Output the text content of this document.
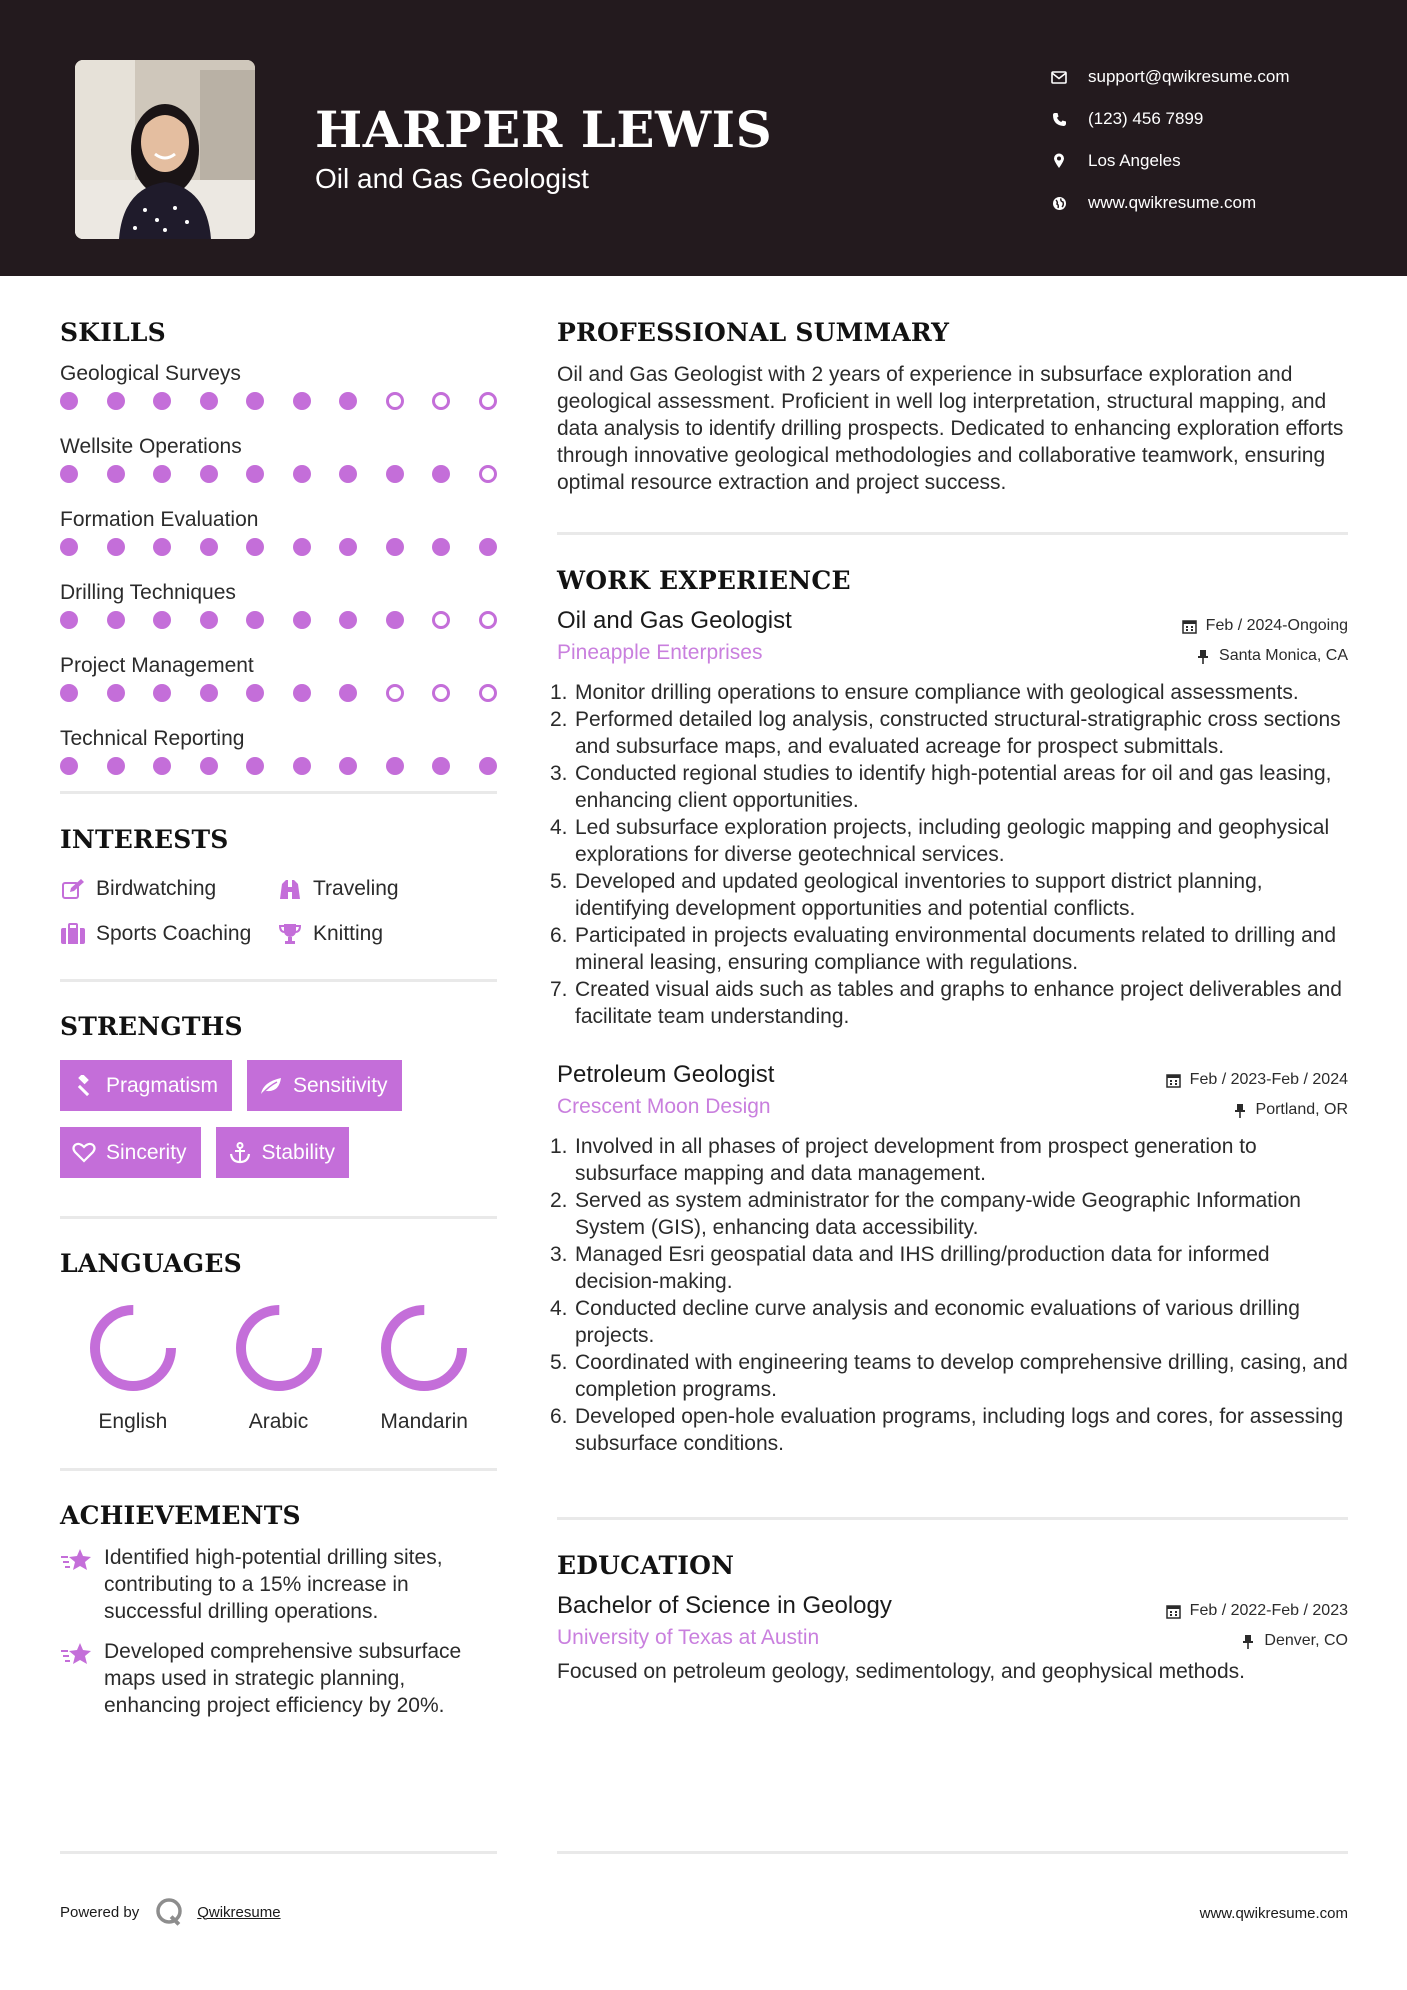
HARPER LEWIS
Oil and Gas Geologist
support@qwikresume.com
(123) 456 7899
Los Angeles
www.qwikresume.com
SKILLS
Geological Surveys
Wellsite Operations
Formation Evaluation
Drilling Techniques
Project Management
Technical Reporting
INTERESTS
Birdwatching	Traveling
Sports Coaching	Knitting
STRENGTHS
Pragmatism	Sensitivity
Sincerity	Stability
LANGUAGES
English	Arabic	Mandarin
ACHIEVEMENTS
Identified high-potential drilling sites, contributing to a 15% increase in successful drilling operations.
Developed comprehensive subsurface maps used in strategic planning, enhancing project efficiency by 20%.
PROFESSIONAL SUMMARY
Oil and Gas Geologist with 2 years of experience in subsurface exploration and geological assessment. Proficient in well log interpretation, structural mapping, and data analysis to identify drilling prospects. Dedicated to enhancing exploration efforts through innovative geological methodologies and collaborative teamwork, ensuring optimal resource extraction and project success.
WORK EXPERIENCE
Oil and Gas Geologist	Feb / 2024-Ongoing
Pineapple Enterprises	Santa Monica, CA
1. Monitor drilling operations to ensure compliance with geological assessments.
2. Performed detailed log analysis, constructed structural-stratigraphic cross sections and subsurface maps, and evaluated acreage for prospect submittals.
3. Conducted regional studies to identify high-potential areas for oil and gas leasing, enhancing client opportunities.
4. Led subsurface exploration projects, including geologic mapping and geophysical explorations for diverse geotechnical services.
5. Developed and updated geological inventories to support district planning, identifying development opportunities and potential conflicts.
6. Participated in projects evaluating environmental documents related to drilling and mineral leasing, ensuring compliance with regulations.
7. Created visual aids such as tables and graphs to enhance project deliverables and facilitate team understanding.
Petroleum Geologist	Feb / 2023-Feb / 2024
Crescent Moon Design	Portland, OR
1. Involved in all phases of project development from prospect generation to subsurface mapping and data management.
2. Served as system administrator for the company-wide Geographic Information System (GIS), enhancing data accessibility.
3. Managed Esri geospatial data and IHS drilling/production data for informed decision-making.
4. Conducted decline curve analysis and economic evaluations of various drilling projects.
5. Coordinated with engineering teams to develop comprehensive drilling, casing, and completion programs.
6. Developed open-hole evaluation programs, including logs and cores, for assessing subsurface conditions.
EDUCATION
Bachelor of Science in Geology	Feb / 2022-Feb / 2023
University of Texas at Austin	Denver, CO
Focused on petroleum geology, sedimentology, and geophysical methods.
Powered by	Qwikresume	www.qwikresume.com
